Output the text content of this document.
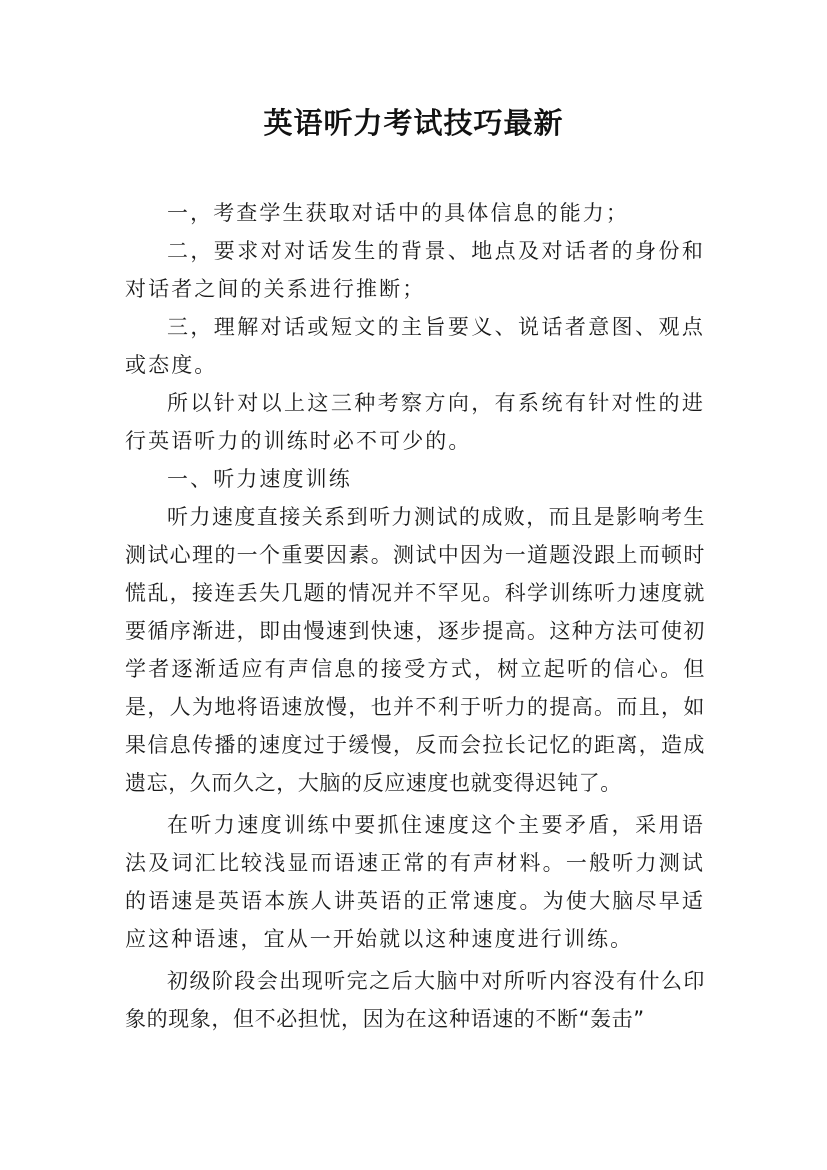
英语听力考试技巧最新

一，考查学生获取对话中的具体信息的能力；

二，要求对对话发生的背景、地点及对话者的身份和对话者之间的关系进行推断；

三，理解对话或短文的主旨要义、说话者意图、观点或态度。

所以针对以上这三种考察方向，有系统有针对性的进行英语听力的训练时必不可少的。

一、听力速度训练

听力速度直接关系到听力测试的成败，而且是影响考生测试心理的一个重要因素。测试中因为一道题没跟上而顿时慌乱，接连丢失几题的情况并不罕见。科学训练听力速度就要循序渐进，即由慢速到快速，逐步提高。这种方法可使初学者逐渐适应有声信息的接受方式，树立起听的信心。但是，人为地将语速放慢，也并不利于听力的提高。而且，如果信息传播的速度过于缓慢，反而会拉长记忆的距离，造成遗忘，久而久之，大脑的反应速度也就变得迟钝了。

在听力速度训练中要抓住速度这个主要矛盾，采用语法及词汇比较浅显而语速正常的有声材料。一般听力测试的语速是英语本族人讲英语的正常速度。为使大脑尽早适应这种语速，宜从一开始就以这种速度进行训练。

初级阶段会出现听完之后大脑中对所听内容没有什么印象的现象，但不必担忧，因为在这种语速的不断“轰击”
